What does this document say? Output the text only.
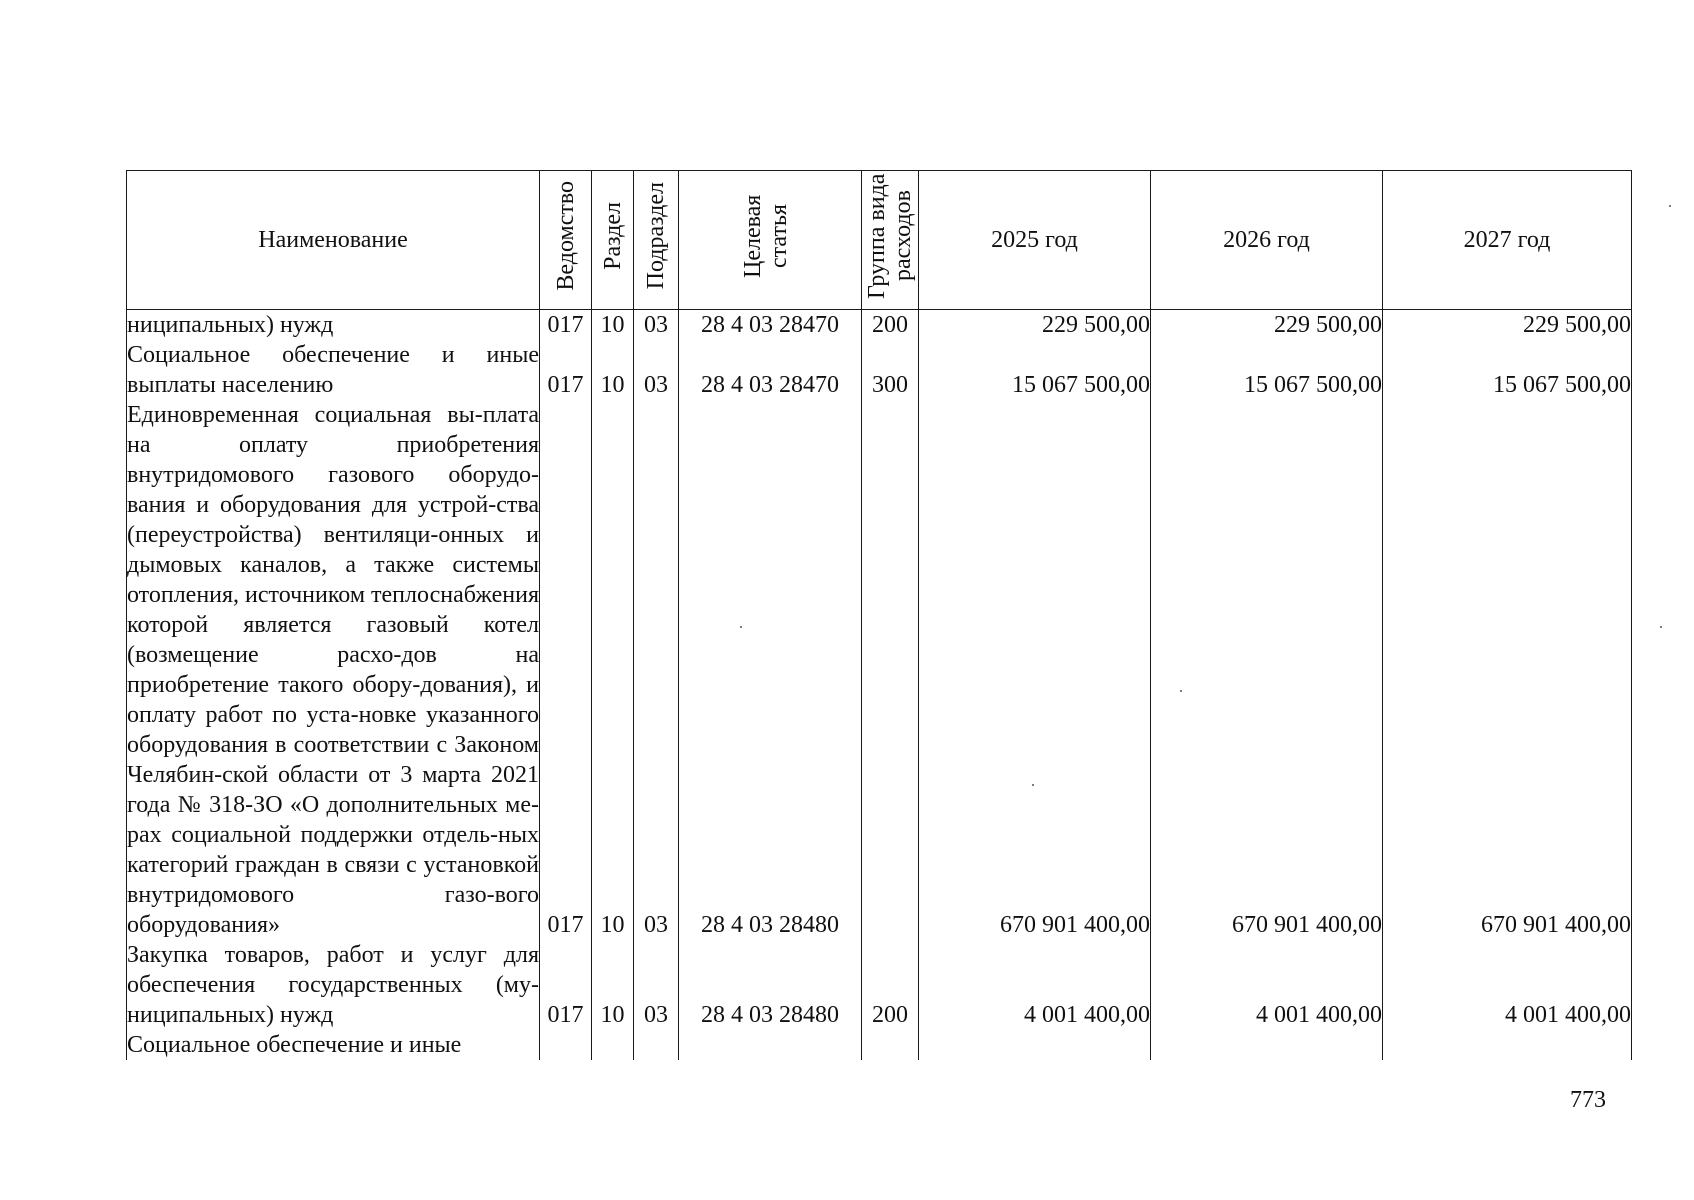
Наименование	Ведомство	Раздел	Подраздел	Целевая статья	Группа вида расходов	2025 год	2026 год	2027 год

ниципальных) нужд	017	10	03	28 4 03 28470	200	229 500,00	229 500,00	229 500,00

Социальное обеспечение и иные выплаты населению	017	10	03	28 4 03 28470	300	15 067 500,00	15 067 500,00	15 067 500,00

Единовременная социальная вы-плата на оплату приобретения внутридомового газового оборудо-вания и оборудования для устрой-ства (переустройства) вентиляци-онных и дымовых каналов, а также системы отопления, источником теплоснабжения которой является газовый котел (возмещение расхо-дов на приобретение такого обору-дования), и оплату работ по уста-новке указанного оборудования в соответствии с Законом Челябин-ской области от 3 марта 2021 года № 318-ЗО «О дополнительных ме-рах социальной поддержки отдель-ных категорий граждан в связи с установкой внутридомового газо-вого оборудования»	017	10	03	28 4 03 28480		670 901 400,00	670 901 400,00	670 901 400,00

Закупка товаров, работ и услуг для обеспечения государственных (му-ниципальных) нужд	017	10	03	28 4 03 28480	200	4 001 400,00	4 001 400,00	4 001 400,00

Социальное обеспечение и иные								

773
